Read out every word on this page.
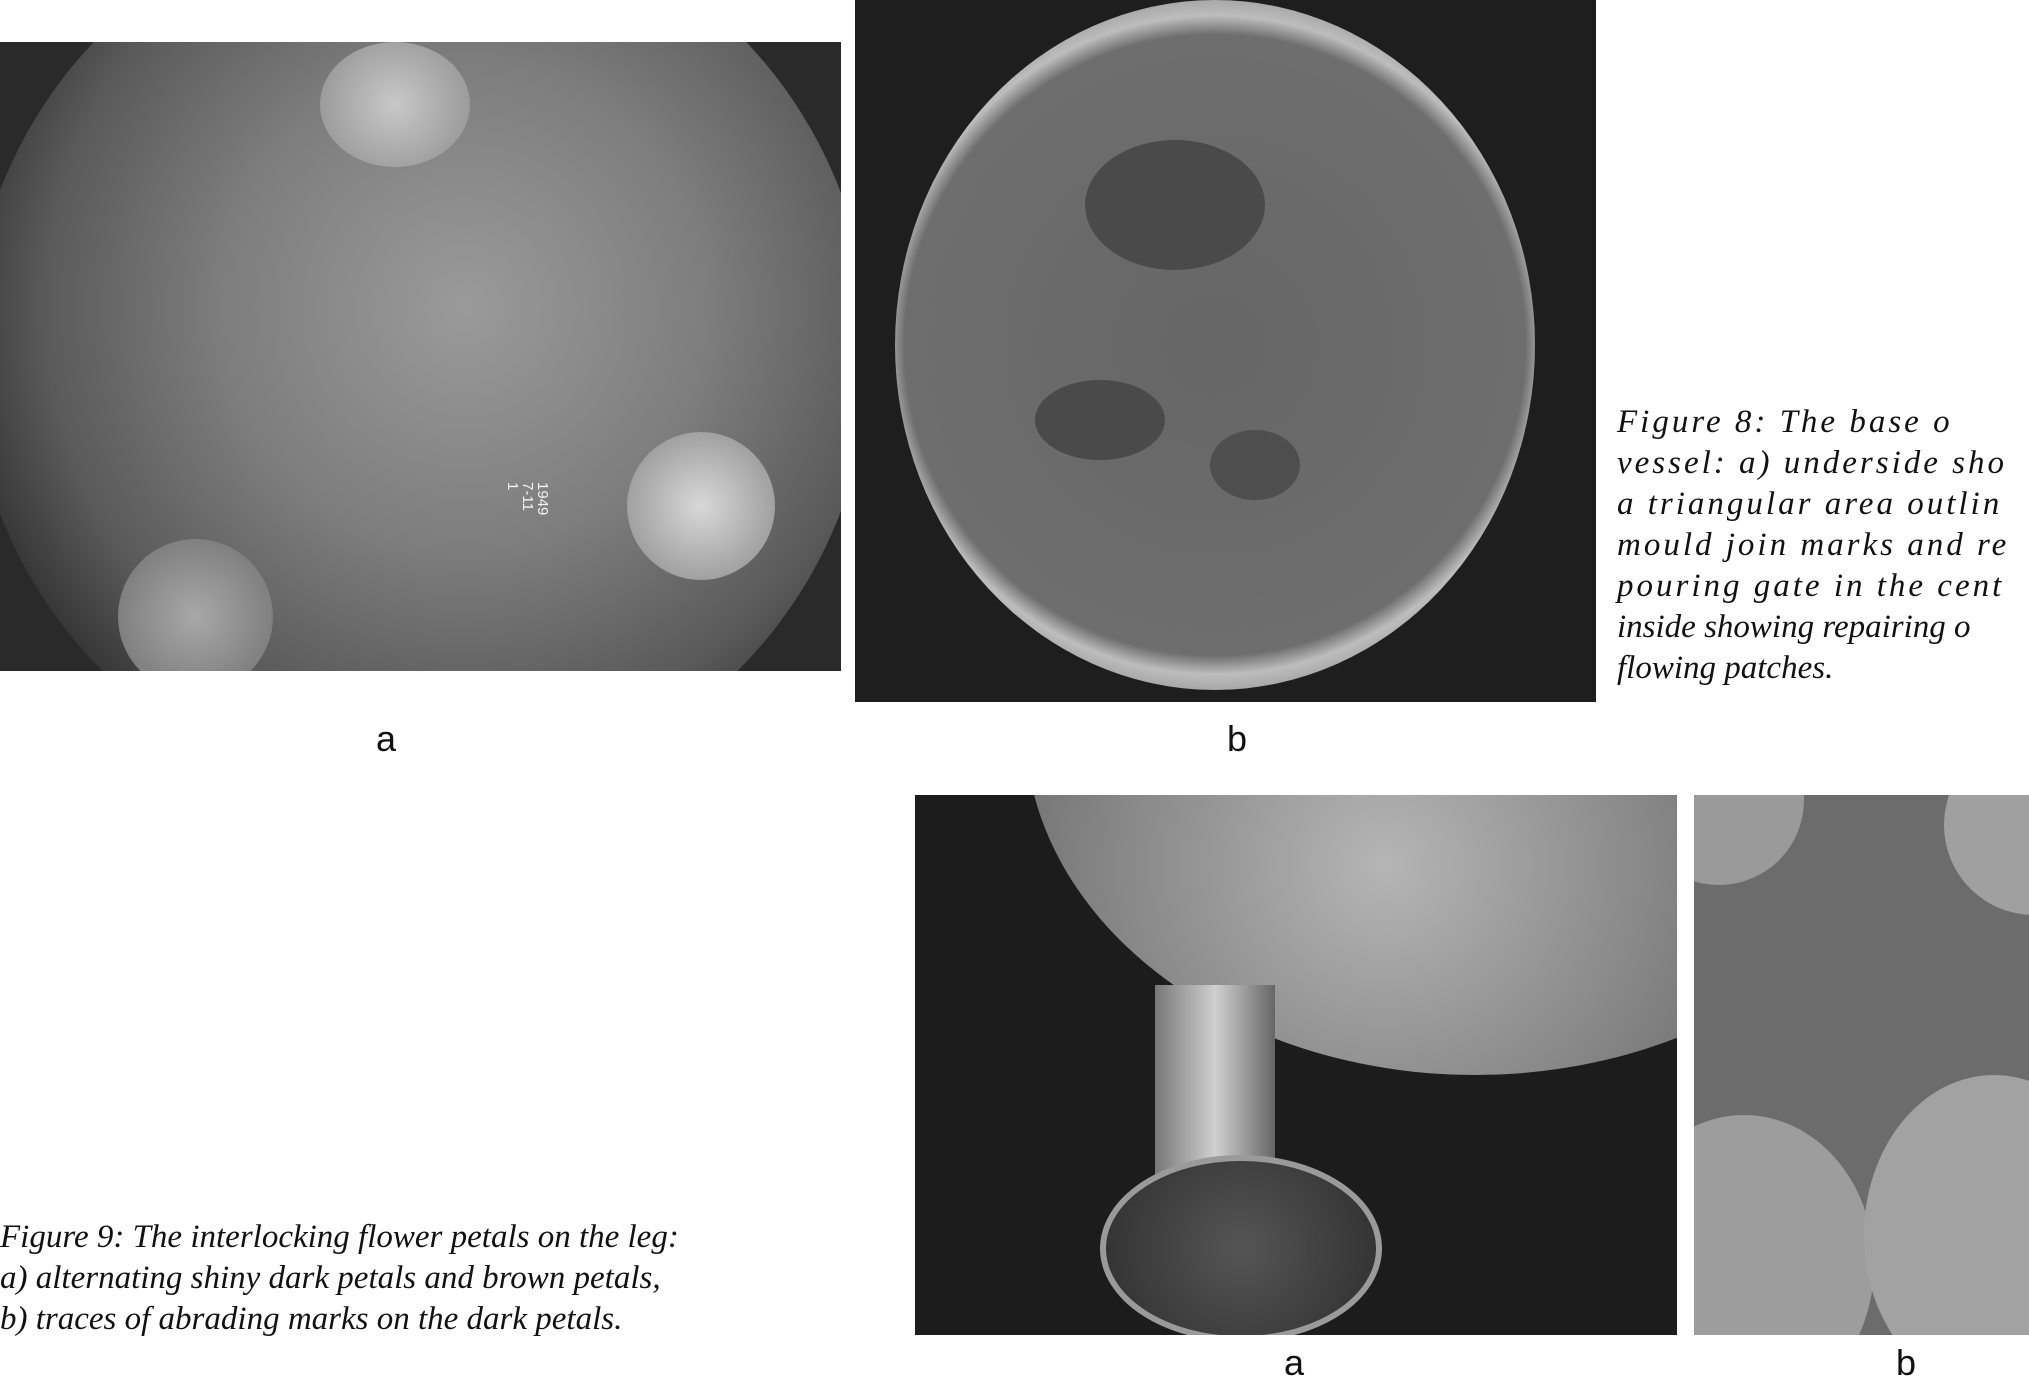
1949
7-11
1
a	b
Figure 8: The base o
vessel: a) underside sho
a triangular area outlin
mould join marks and re
pouring gate in the cent
inside showing repairing o
flowing patches.
a	b
Figure 9: The interlocking flower petals on the leg:
a) alternating shiny dark petals and brown petals,
b) traces of abrading marks on the dark petals.
